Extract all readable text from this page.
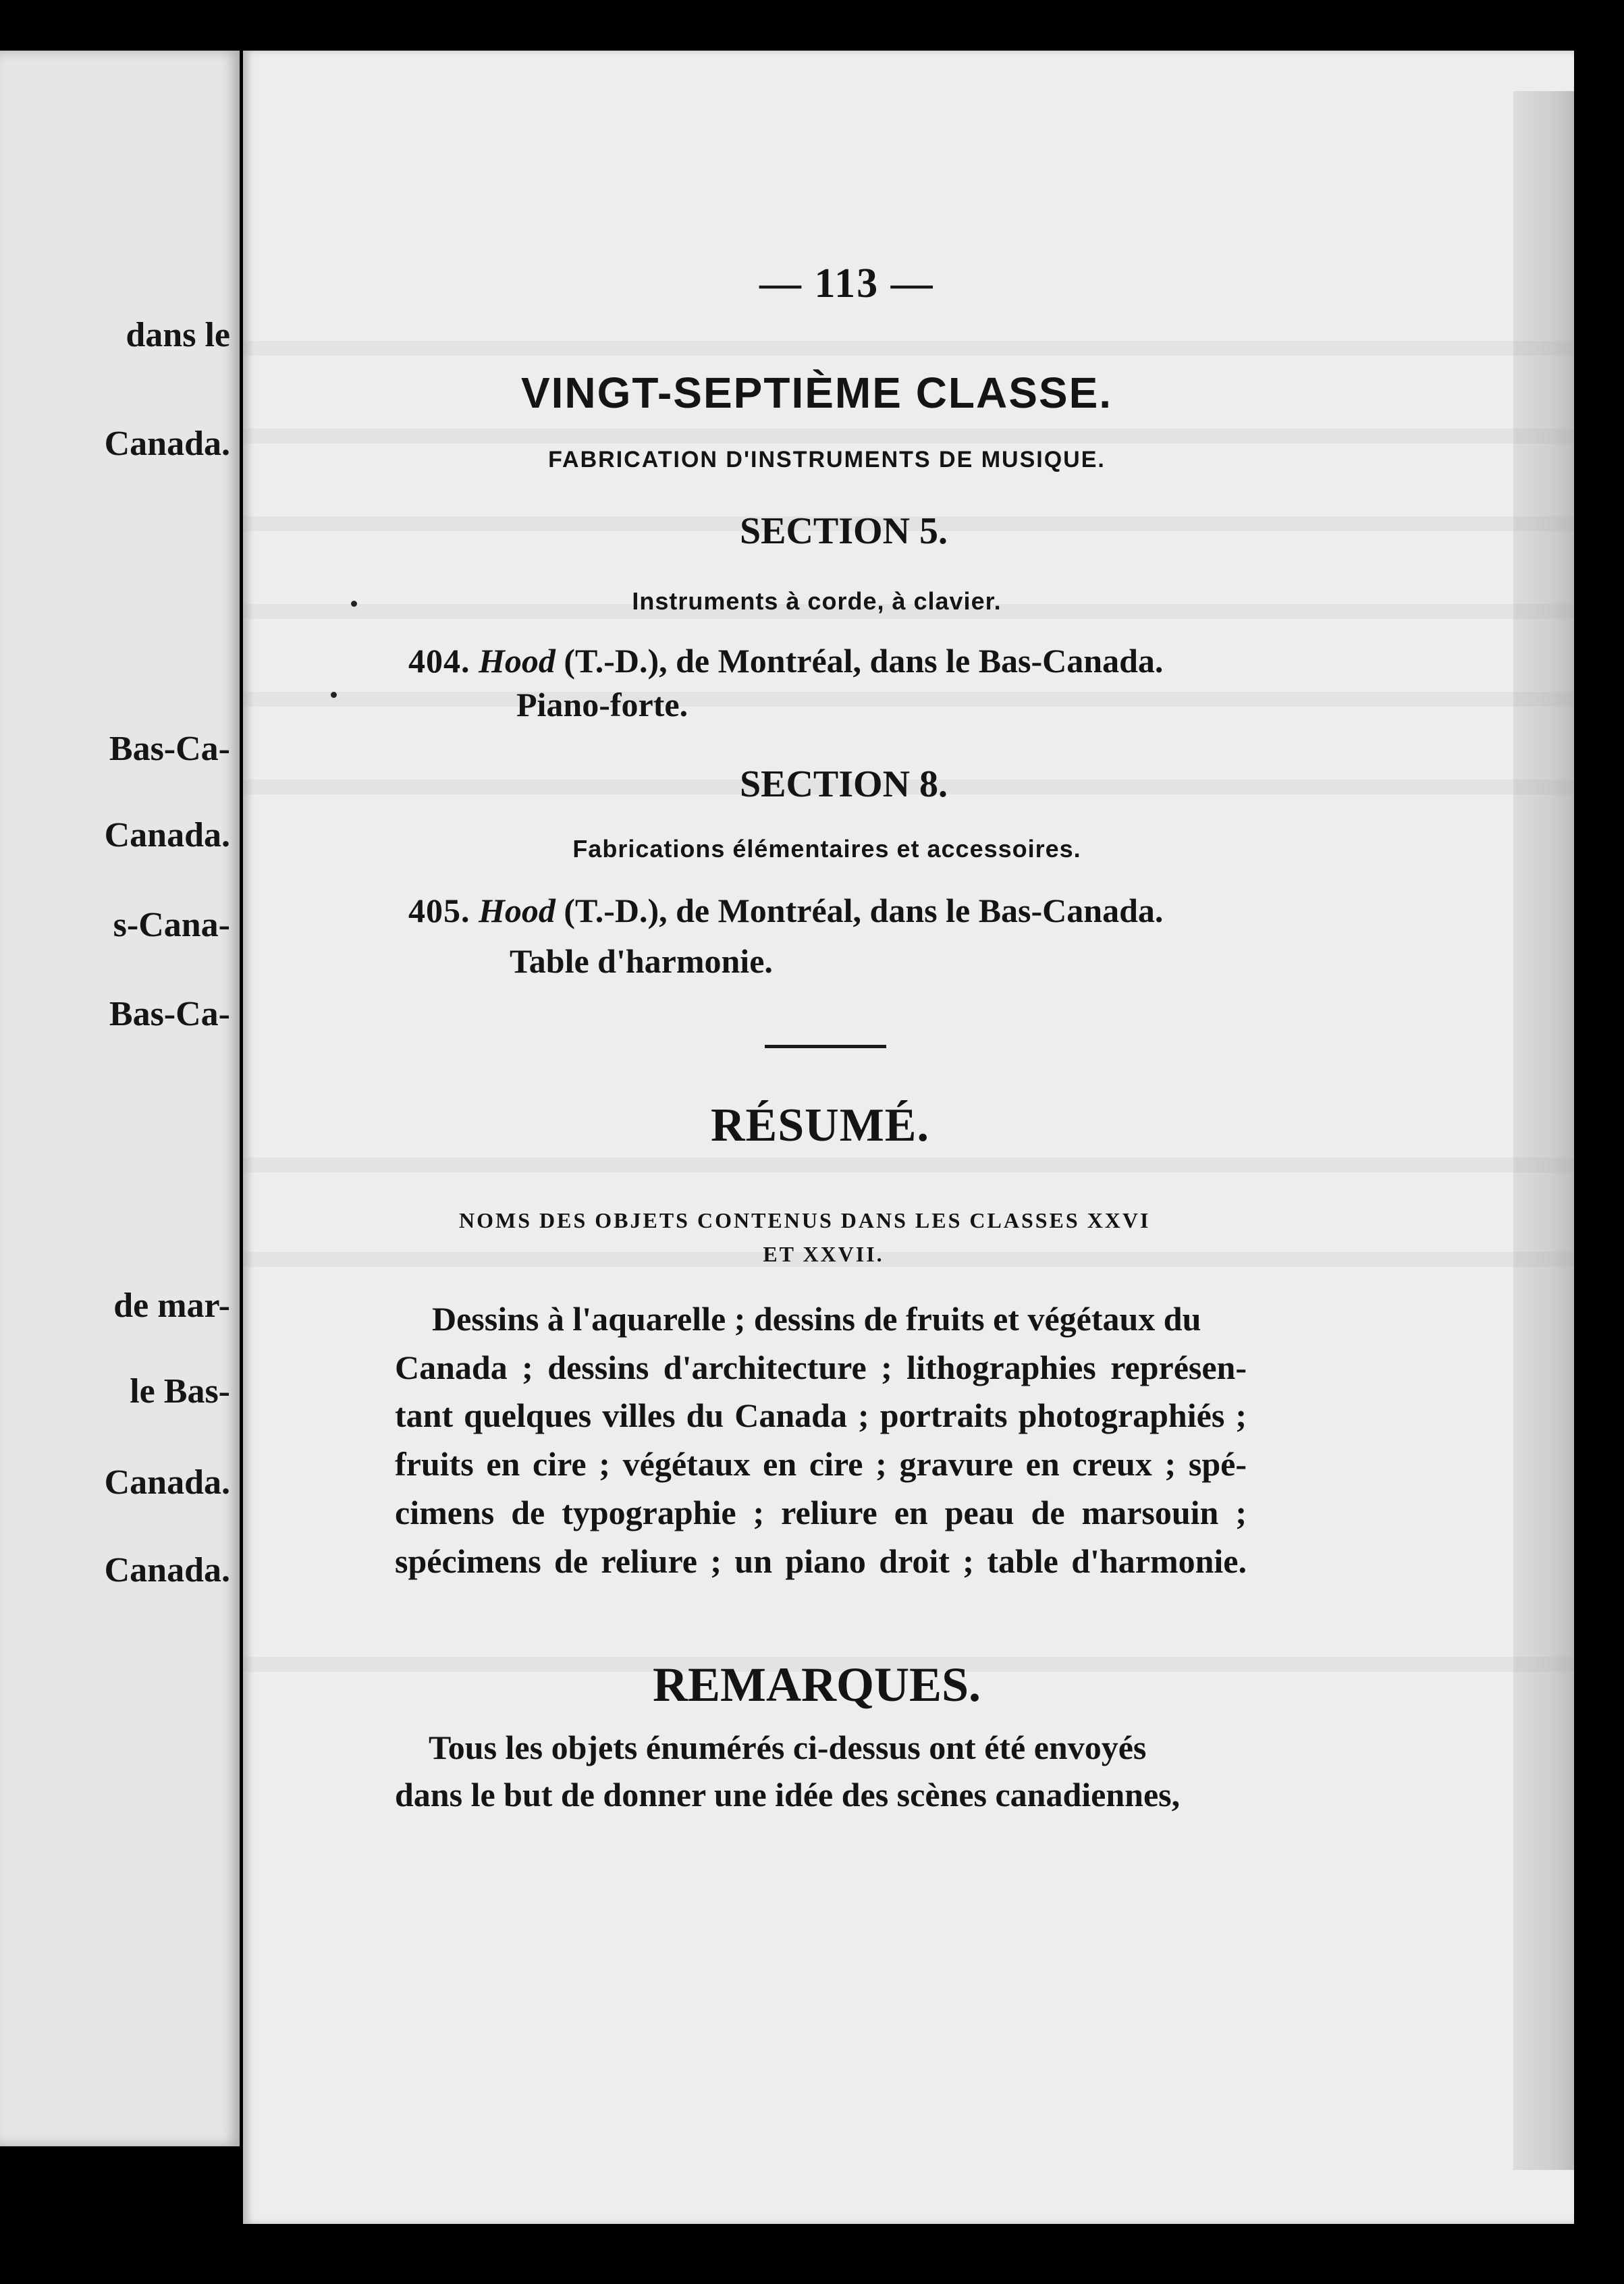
dans le
Canada.
Bas-Ca-
Canada.
s-Cana-
Bas-Ca-
de mar-
le Bas-
Canada.
Canada.
— 113 —
VINGT-SEPTIÈME CLASSE.
FABRICATION D'INSTRUMENTS DE MUSIQUE.
SECTION 5.
Instruments à corde, à clavier.
404. Hood (T.-D.), de Montréal, dans le Bas-Canada.
Piano-forte.
SECTION 8.
Fabrications élémentaires et accessoires.
405. Hood (T.-D.), de Montréal, dans le Bas-Canada.
Table d'harmonie.
RÉSUMÉ.
NOMS DES OBJETS CONTENUS DANS LES CLASSES XXVI
ET XXVII.
Dessins à l'aquarelle ; dessins de fruits et végétaux du
Canada ; dessins d'architecture ; lithographies représen-
tant quelques villes du Canada ; portraits photographiés ;
fruits en cire ; végétaux en cire ; gravure en creux ; spé-
cimens de typographie ; reliure en peau de marsouin ;
spécimens de reliure ; un piano droit ; table d'harmonie.
REMARQUES.
Tous les objets énumérés ci-dessus ont été envoyés
dans le but de donner une idée des scènes canadiennes,
